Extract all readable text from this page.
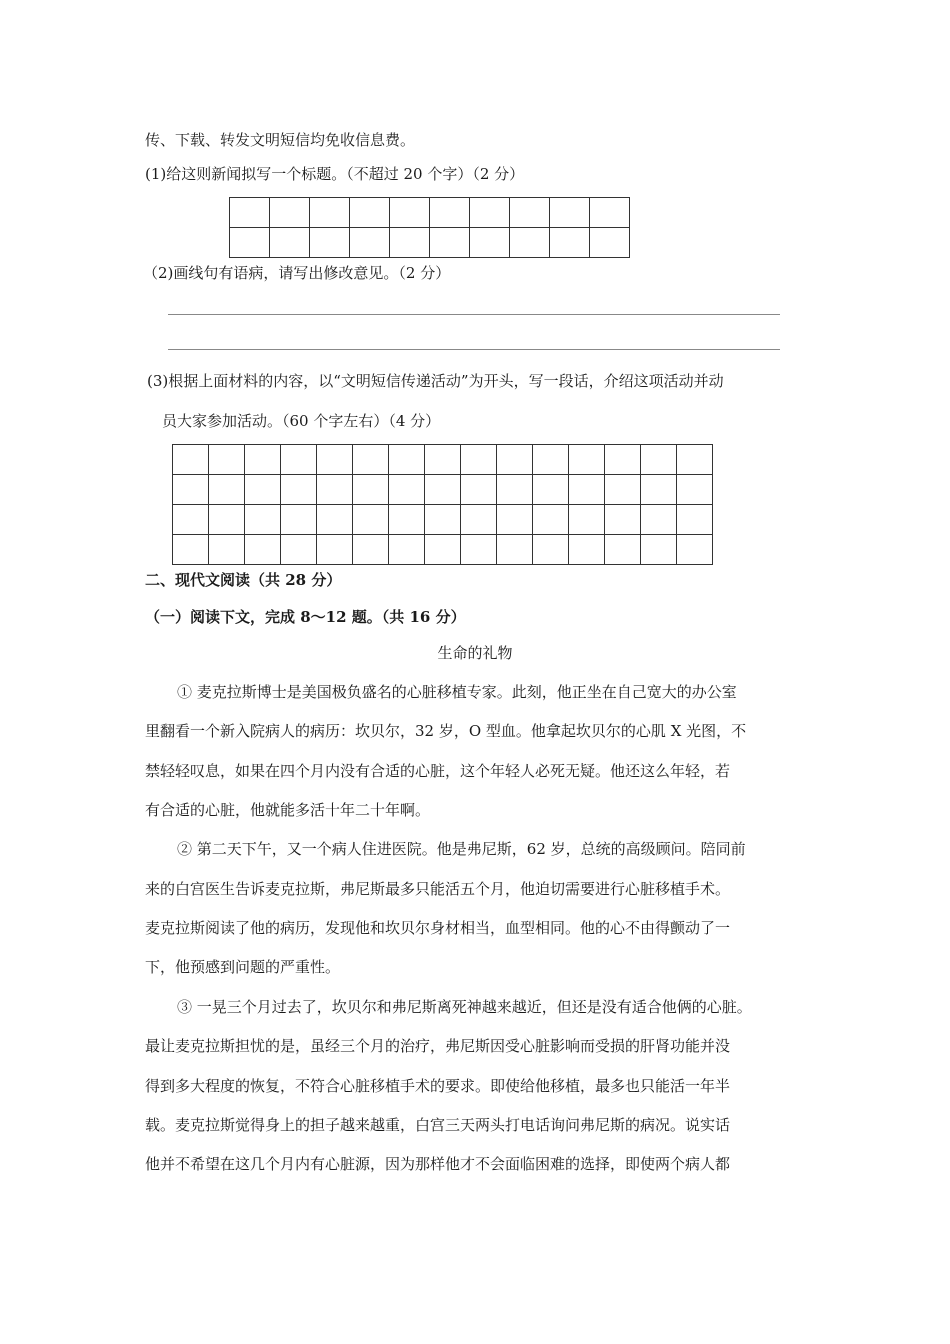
传、下载、转发文明短信均免收信息费。
(1)给这则新闻拟写一个标题。（不超过 20 个字）（2 分）

（2)画线句有语病，请写出修改意见。（2 分）
(3)根据上面材料的内容，以“文明短信传递活动”为开头，写一段话，介绍这项活动并动
员大家参加活动。（60 个字左右）（4 分）

二、现代文阅读（共 28 分）
（一）阅读下文，完成 8～12 题。（共 16 分）
生命的礼物
① 麦克拉斯博士是美国极负盛名的心脏移植专家。此刻，他正坐在自己宽大的办公室
里翻看一个新入院病人的病历：坎贝尔，32 岁，O 型血。他拿起坎贝尔的心肌 X 光图，不
禁轻轻叹息，如果在四个月内没有合适的心脏，这个年轻人必死无疑。他还这么年轻，若
有合适的心脏，他就能多活十年二十年啊。
② 第二天下午，又一个病人住进医院。他是弗尼斯，62 岁，总统的高级顾问。陪同前
来的白宫医生告诉麦克拉斯，弗尼斯最多只能活五个月，他迫切需要进行心脏移植手术。
麦克拉斯阅读了他的病历，发现他和坎贝尔身材相当，血型相同。他的心不由得颤动了一
下，他预感到问题的严重性。
③ 一晃三个月过去了，坎贝尔和弗尼斯离死神越来越近，但还是没有适合他俩的心脏。
最让麦克拉斯担忧的是，虽经三个月的治疗，弗尼斯因受心脏影响而受损的肝肾功能并没
得到多大程度的恢复，不符合心脏移植手术的要求。即使给他移植，最多也只能活一年半
载。麦克拉斯觉得身上的担子越来越重，白宫三天两头打电话询问弗尼斯的病况。说实话
他并不希望在这几个月内有心脏源，因为那样他才不会面临困难的选择，即使两个病人都
